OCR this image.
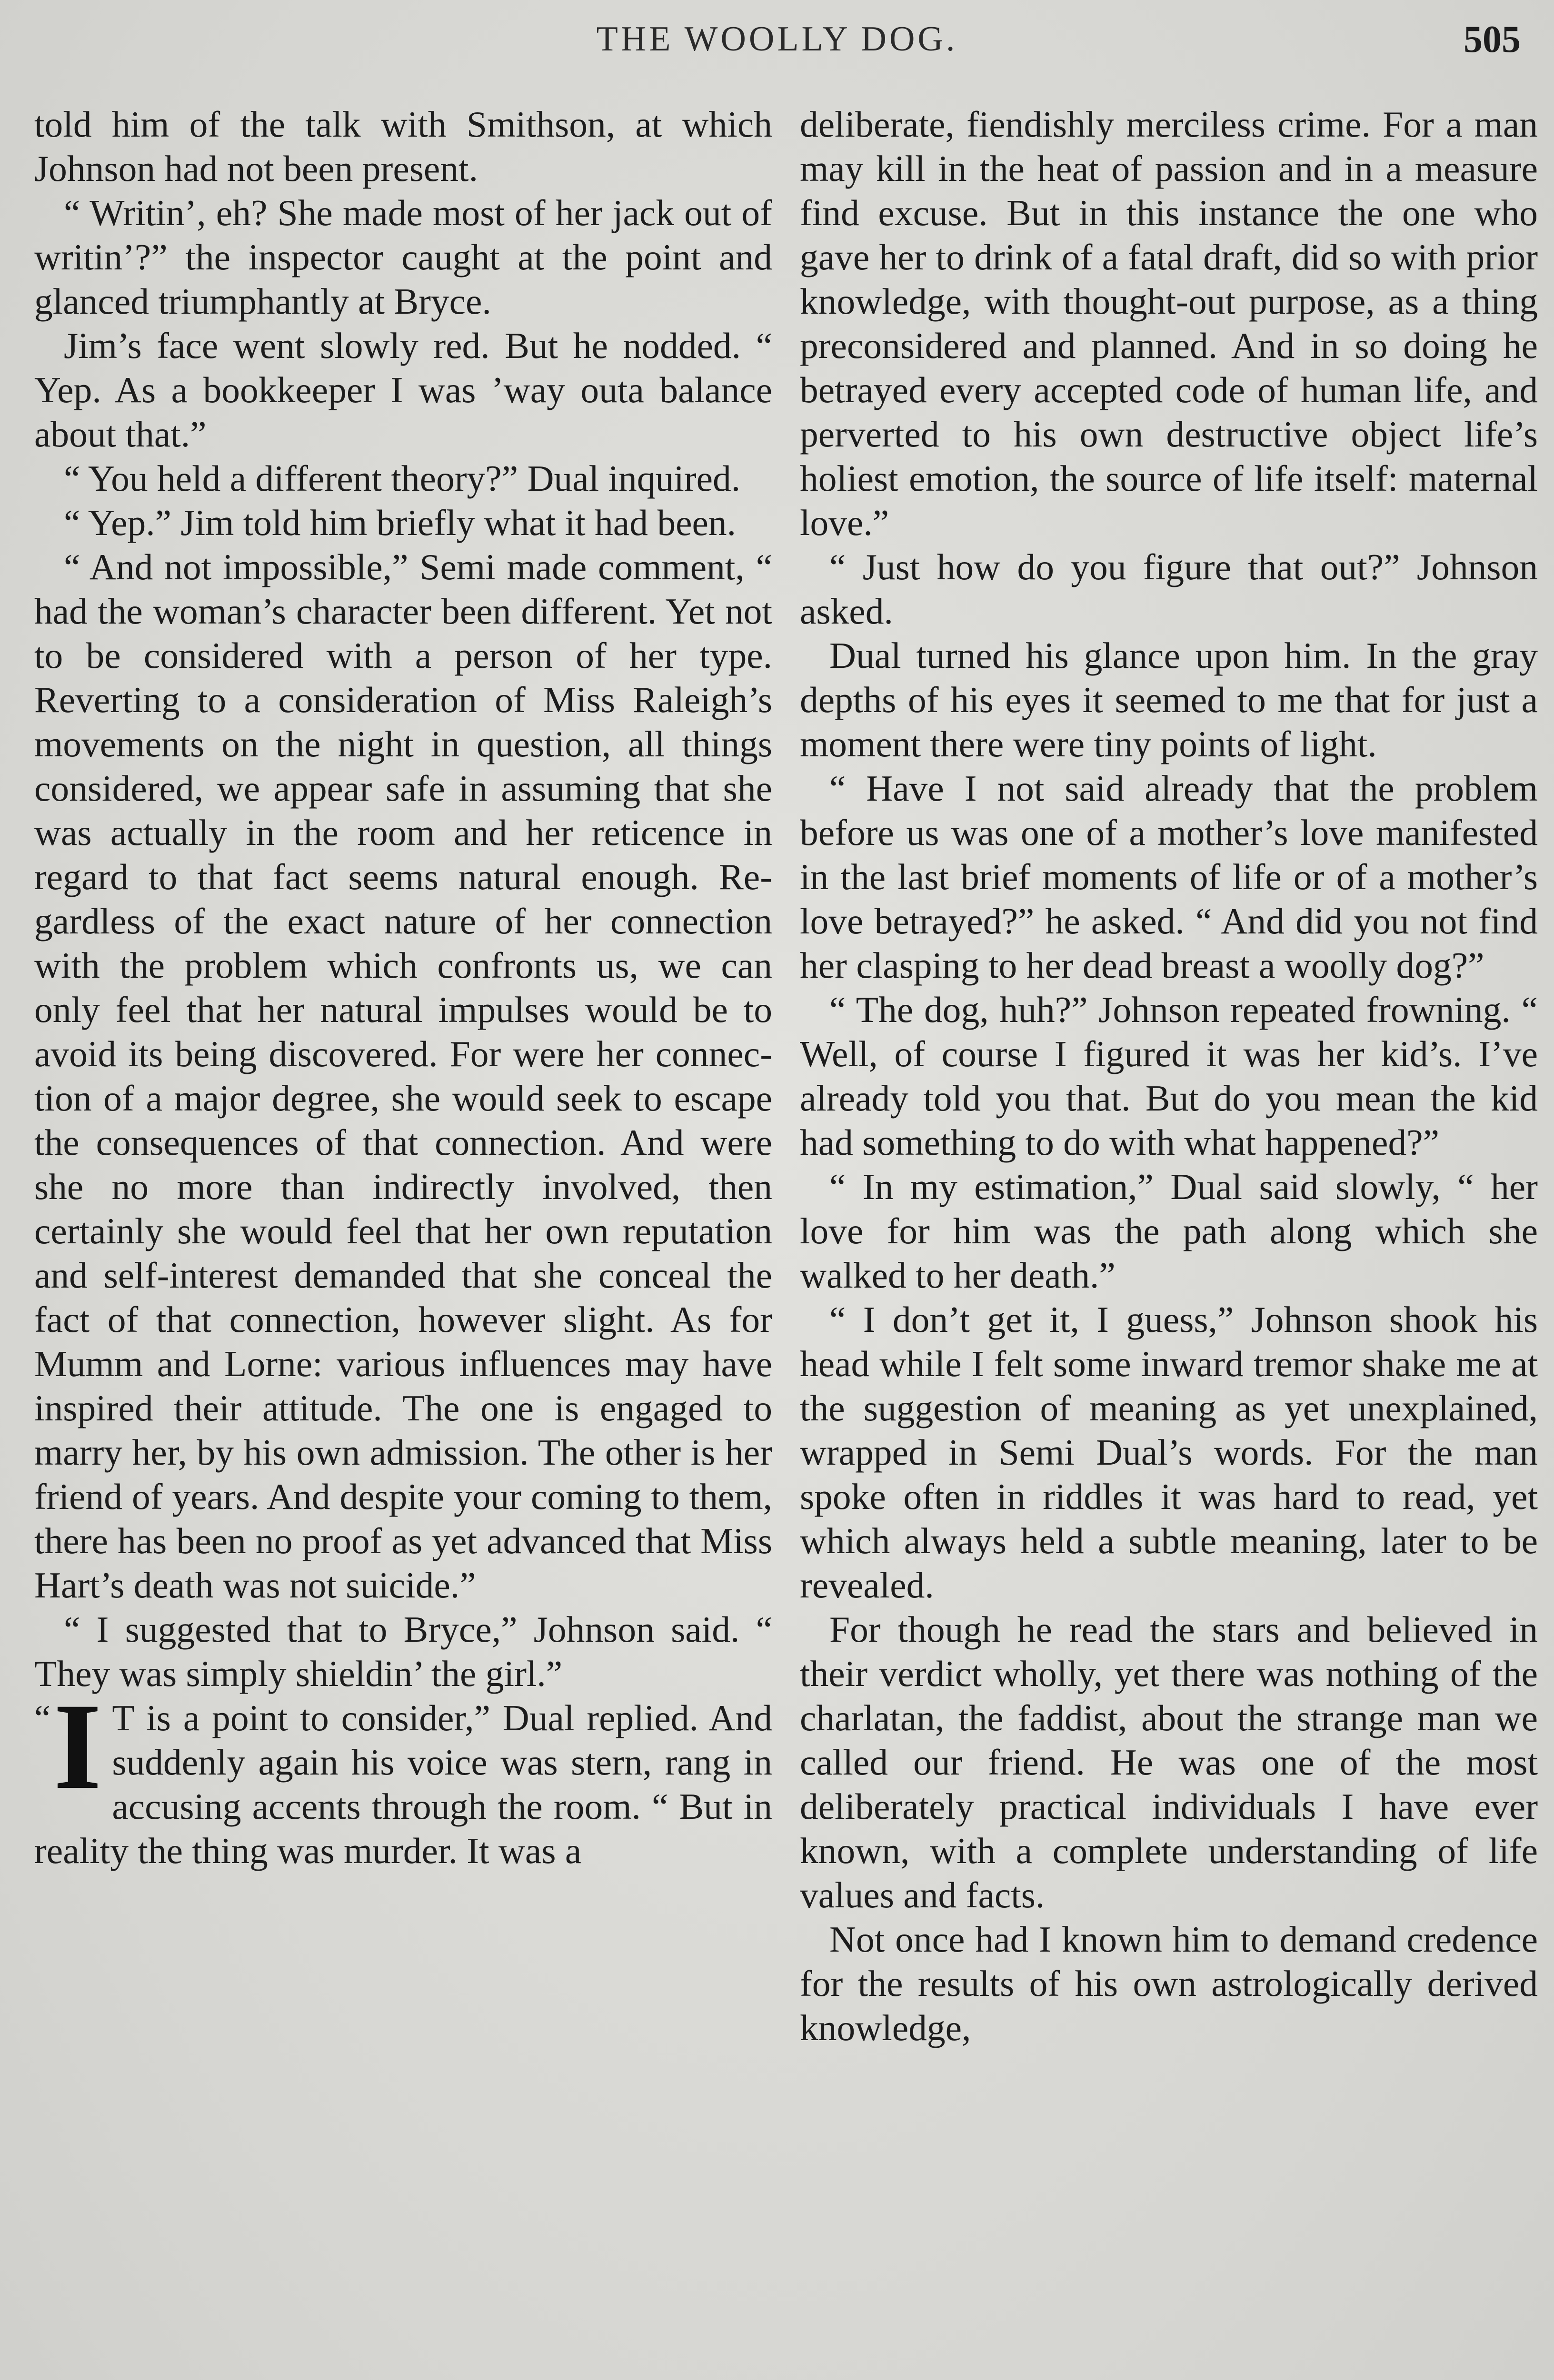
THE WOOLLY DOG.	505

told him of the talk with Smithson, at which Johnson had not been present.

“ Writin’, eh? She made most of her jack out of writin’?” the inspector caught at the point and glanced triumphantly at Bryce.

Jim’s face went slowly red. But he nodded. “ Yep. As a bookkeeper I was ’way outa balance about that.”

“ You held a different theory?” Dual inquired.

“ Yep.” Jim told him briefly what it had been.

“ And not impossible,” Semi made comment, “ had the woman’s character been different. Yet not to be considered with a person of her type. Reverting to a consideration of Miss Raleigh’s movements on the night in question, all things considered, we appear safe in assuming that she was actually in the room and her reticence in regard to that fact seems natural enough. Regardless of the exact nature of her connection with the problem which confronts us, we can only feel that her natural impulses would be to avoid its being discovered. For were her connection of a major degree, she would seek to escape the consequences of that connection. And were she no more than indirectly involved, then certainly she would feel that her own reputation and self-interest demanded that she conceal the fact of that connection, however slight. As for Mumm and Lorne: various influences may have inspired their attitude. The one is engaged to marry her, by his own admission. The other is her friend of years. And despite your coming to them, there has been no proof as yet advanced that Miss Hart’s death was not suicide.”

“ I suggested that to Bryce,” Johnson said. “ They was simply shieldin’ the girl.”

“ I T is a point to consider,” Dual replied. And suddenly again his voice was stern, rang in accusing accents through the room. “ But in reality the thing was murder. It was a

deliberate, fiendishly merciless crime. For a man may kill in the heat of passion and in a measure find excuse. But in this instance the one who gave her to drink of a fatal draft, did so with prior knowledge, with thought-out purpose, as a thing preconsidered and planned. And in so doing he betrayed every accepted code of human life, and perverted to his own destructive object life’s holiest emotion, the source of life itself: maternal love.”

“ Just how do you figure that out?” Johnson asked.

Dual turned his glance upon him. In the gray depths of his eyes it seemed to me that for just a moment there were tiny points of light.

“ Have I not said already that the problem before us was one of a mother’s love manifested in the last brief moments of life or of a mother’s love betrayed?” he asked. “ And did you not find her clasping to her dead breast a woolly dog?”

“ The dog, huh?” Johnson repeated frowning. “ Well, of course I figured it was her kid’s. I’ve already told you that. But do you mean the kid had something to do with what happened?”

“ In my estimation,” Dual said slowly, “ her love for him was the path along which she walked to her death.”

“ I don’t get it, I guess,” Johnson shook his head while I felt some inward tremor shake me at the suggestion of meaning as yet unexplained, wrapped in Semi Dual’s words. For the man spoke often in riddles it was hard to read, yet which always held a subtle meaning, later to be revealed.

For though he read the stars and believed in their verdict wholly, yet there was nothing of the charlatan, the faddist, about the strange man we called our friend. He was one of the most deliberately practical individuals I have ever known, with a complete understanding of life values and facts.

Not once had I known him to demand credence for the results of his own astrologically derived knowledge,
